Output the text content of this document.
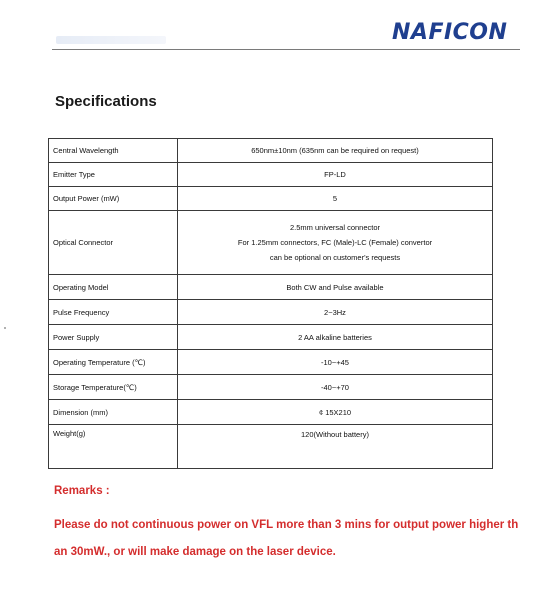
NAFICON
Specifications
Central Wavelength	650nm±10nm (635nm can be required on request)

Emitter Type	FP-LD

Output Power (mW)	5

Optical Connector	2.5mm universal connector
For 1.25mm connectors, FC (Male)-LC (Female) convertor
can be optional on customer's requests

Operating Model	Both CW and Pulse available

Pulse Frequency	2~3Hz

Power Supply	2 AA alkaline batteries

Operating Temperature (℃)	-10~+45

Storage Temperature(℃)	-40~+70

Dimension (mm)	¢ 15X210

Weight(g)	120(Without battery)
Remarks :
Please do not continuous power on VFL more than 3 mins for output power higher than 30mW., or will make damage on the laser device.
